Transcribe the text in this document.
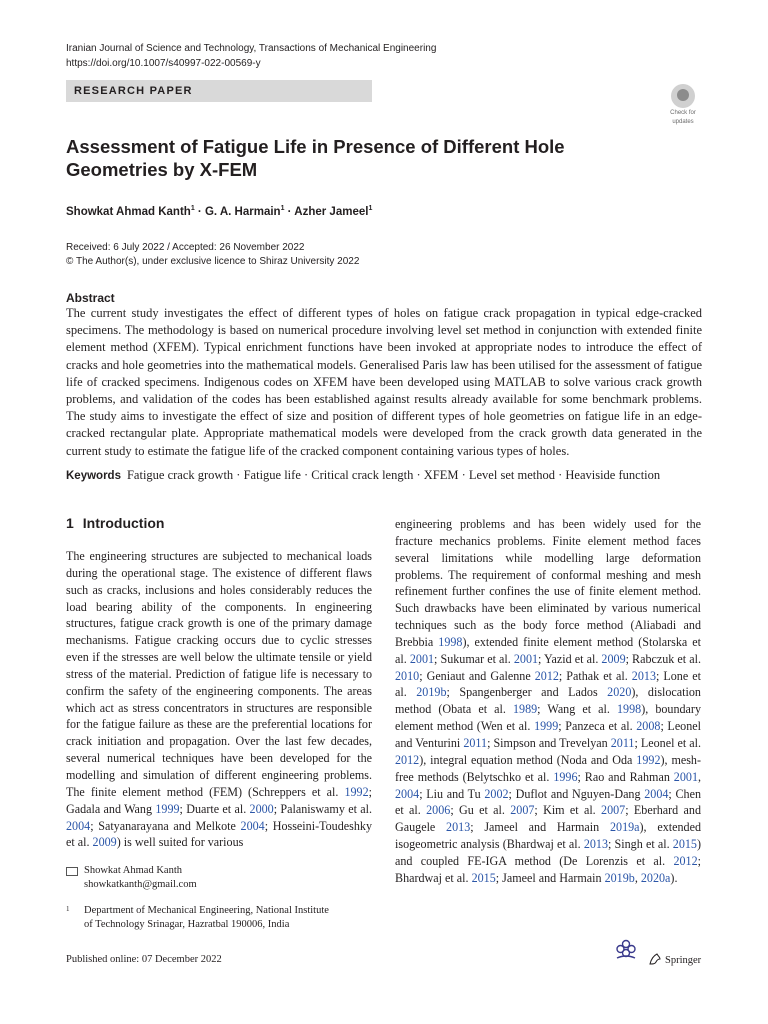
Iranian Journal of Science and Technology, Transactions of Mechanical Engineering
https://doi.org/10.1007/s40997-022-00569-y
RESEARCH PAPER
Check for
updates
Assessment of Fatigue Life in Presence of Different Hole Geometries by X-FEM
Showkat Ahmad Kanth$^1$ · G. A. Harmain$^1$ · Azher Jameel$^1$
Received: 6 July 2022 / Accepted: 26 November 2022
© The Author(s), under exclusive licence to Shiraz University 2022
Abstract
The current study investigates the effect of different types of holes on fatigue crack propagation in typical edge-cracked specimens. The methodology is based on numerical procedure involving level set method in conjunction with extended finite element method (XFEM). Typical enrichment functions have been invoked at appropriate nodes to introduce the effect of cracks and hole geometries into the mathematical models. Generalised Paris law has been utilised for the assessment of fatigue life of cracked specimens. Indigenous codes on XFEM have been developed using MATLAB to solve various crack growth problems, and validation of the codes has been established against results already available for some benchmark problems. The study aims to investigate the effect of size and position of different types of hole geometries on fatigue life in an edge-cracked rectangular plate. Appropriate mathematical models were developed from the crack growth data generated in the current study to estimate the fatigue life of the cracked component containing various types of holes.
Keywords Fatigue crack growth · Fatigue life · Critical crack length · XFEM · Level set method · Heaviside function
1 Introduction
The engineering structures are subjected to mechanical loads during the operational stage. The existence of different flaws such as cracks, inclusions and holes considerably reduces the load bearing ability of the components. In engineering structures, fatigue crack growth is one of the primary damage mechanisms. Fatigue cracking occurs due to cyclic stresses even if the stresses are well below the ultimate tensile or yield stress of the material. Prediction of fatigue life is necessary to confirm the safety of the engineering components. The areas which act as stress concentrators in structures are responsible for the fatigue failure as these are the preferential locations for crack initiation and propagation. Over the last few decades, several numerical techniques have been developed for the modelling and simulation of different engineering problems. The finite element method (FEM) (Schreppers et al. 1992; Gadala and Wang 1999; Duarte et al. 2000; Palaniswamy et al. 2004; Satyanarayana and Melkote 2004; Hosseini-Toudeshky et al. 2009) is well suited for various
engineering problems and has been widely used for the fracture mechanics problems. Finite element method faces several limitations while modelling large deformation problems. The requirement of conformal meshing and mesh refinement further confines the use of finite element method. Such drawbacks have been eliminated by various numerical techniques such as the body force method (Aliabadi and Brebbia 1998), extended finite element method (Stolarska et al. 2001; Sukumar et al. 2001; Yazid et al. 2009; Rabczuk et al. 2010; Geniaut and Galenne 2012; Pathak et al. 2013; Lone et al. 2019b; Spangenberger and Lados 2020), dislocation method (Obata et al. 1989; Wang et al. 1998), boundary element method (Wen et al. 1999; Panzeca et al. 2008; Leonel and Venturini 2011; Simpson and Trevelyan 2011; Leonel et al. 2012), integral equation method (Noda and Oda 1992), mesh-free methods (Belytschko et al. 1996; Rao and Rahman 2001, 2004; Liu and Tu 2002; Duflot and Nguyen-Dang 2004; Chen et al. 2006; Gu et al. 2007; Kim et al. 2007; Eberhard and Gaugele 2013; Jameel and Harmain 2019a), extended isogeometric analysis (Bhardwaj et al. 2013; Singh et al. 2015) and coupled FE-IGA method (De Lorenzis et al. 2012; Bhardwaj et al. 2015; Jameel and Harmain 2019b, 2020a).
Showkat Ahmad Kanth
showkatkanth@gmail.com
1 Department of Mechanical Engineering, National Institute
of Technology Srinagar, Hazratbal 190006, India
Published online: 07 December 2022	Springer
